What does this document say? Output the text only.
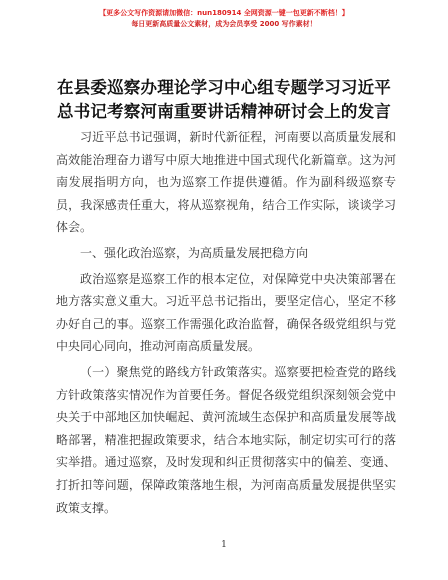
【更多公文写作资源请加微信：nun180914 全网资源一键一包更新不断档！】
每日更新高质量公文素材，成为会员享受 2000 写作素材！
在县委巡察办理论学习中心组专题学习习近平
总书记考察河南重要讲话精神研讨会上的发言

习近平总书记强调，新时代新征程，河南要以高质量发展和高效能治理奋力谱写中原大地推进中国式现代化新篇章。这为河南发展指明方向，也为巡察工作提供遵循。作为副科级巡察专员，我深感责任重大，将从巡察视角，结合工作实际，谈谈学习体会。

一、强化政治巡察，为高质量发展把稳方向

政治巡察是巡察工作的根本定位，对保障党中央决策部署在地方落实意义重大。习近平总书记指出，要坚定信心，坚定不移办好自己的事。巡察工作需强化政治监督，确保各级党组织与党中央同心同向，推动河南高质量发展。

（一）聚焦党的路线方针政策落实。巡察要把检查党的路线方针政策落实情况作为首要任务。督促各级党组织深刻领会党中央关于中部地区加快崛起、黄河流域生态保护和高质量发展等战略部署，精准把握政策要求，结合本地实际，制定切实可行的落实举措。通过巡察，及时发现和纠正贯彻落实中的偏差、变通、打折扣等问题，保障政策落地生根，为河南高质量发展提供坚实政策支撑。

1
